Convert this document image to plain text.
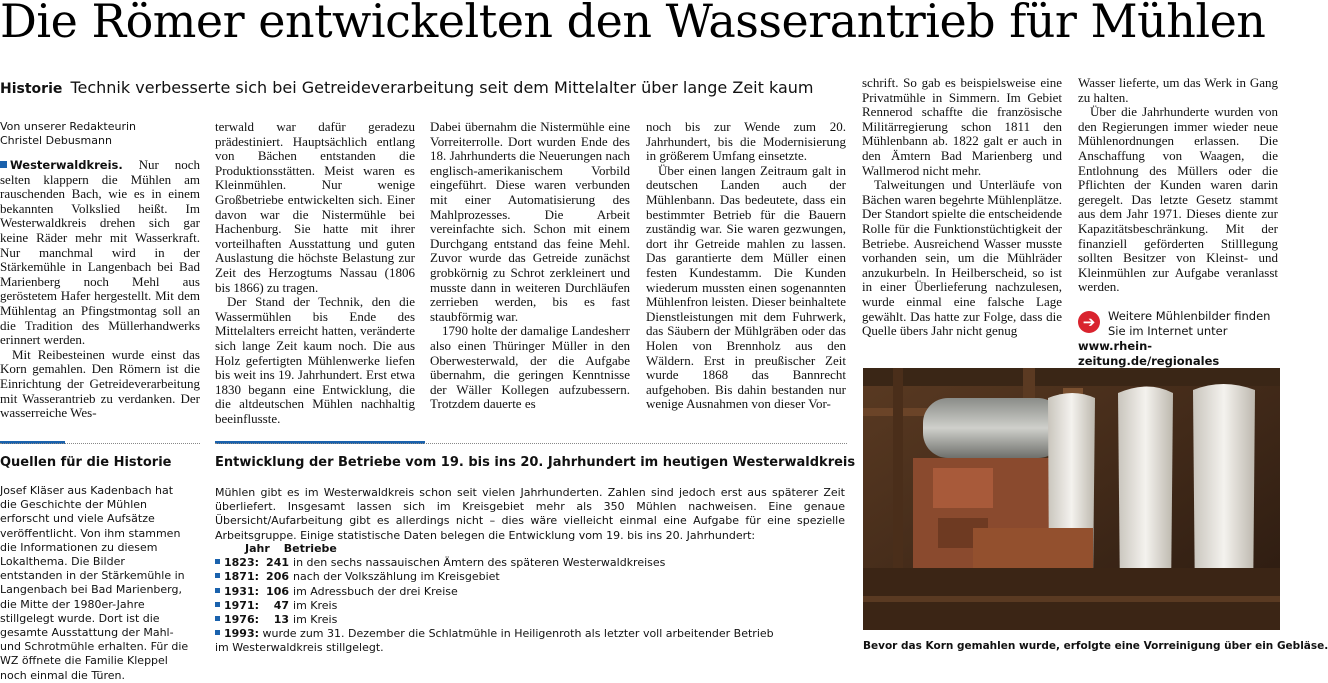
Die Römer entwickelten den Wasserantrieb für Mühlen
Historie Technik verbesserte sich bei Getreideverarbeitung seit dem Mittelalter über lange Zeit kaum
Von unserer Redakteurin
Christel Debusmann

Westerwaldkreis. Nur noch selten klappern die Mühlen am rauschenden Bach, wie es in einem bekannten Volkslied heißt. Im Westerwaldkreis drehen sich gar keine Räder mehr mit Wasserkraft. Nur manchmal wird in der Stärkemühle in Langenbach bei Bad Marienberg noch Mehl aus geröstetem Hafer hergestellt. Mit dem Mühlentag an Pfingstmontag soll an die Tradition des Müllerhandwerks erinnert werden.

Mit Reibesteinen wurde einst das Korn gemahlen. Den Römern ist die Einrichtung der Getreideverarbeitung mit Wasserantrieb zu verdanken. Der wasserreiche Wes-

terwald war dafür geradezu prädestiniert. Hauptsächlich entlang von Bächen entstanden die Produktionsstätten. Meist waren es Kleinmühlen. Nur wenige Großbetriebe entwickelten sich. Einer davon war die Nistermühle bei Hachenburg. Sie hatte mit ihrer vorteilhaften Ausstattung und guten Auslastung die höchste Belastung zur Zeit des Herzogtums Nassau (1806 bis 1866) zu tragen.

Der Stand der Technik, den die Wassermühlen bis Ende des Mittelalters erreicht hatten, veränderte sich lange Zeit kaum noch. Die aus Holz gefertigten Mühlenwerke liefen bis weit ins 19. Jahrhundert. Erst etwa 1830 begann eine Entwicklung, die die altdeutschen Mühlen nachhaltig beeinflusste.

Dabei übernahm die Nistermühle eine Vorreiterrolle. Dort wurden Ende des 18. Jahrhunderts die Neuerungen nach englisch-amerikanischem Vorbild eingeführt. Diese waren verbunden mit einer Automatisierung des Mahlprozesses. Die Arbeit vereinfachte sich. Schon mit einem Durchgang entstand das feine Mehl. Zuvor wurde das Getreide zunächst grobkörnig zu Schrot zerkleinert und musste dann in weiteren Durchläufen zerrieben werden, bis es fast staubförmig war.

1790 holte der damalige Landesherr also einen Thüringer Müller in den Oberwesterwald, der die Aufgabe übernahm, die geringen Kenntnisse der Wäller Kollegen aufzubessern. Trotzdem dauerte es

noch bis zur Wende zum 20. Jahrhundert, bis die Modernisierung in größerem Umfang einsetzte.

Über einen langen Zeitraum galt in deutschen Landen auch der Mühlenbann. Das bedeutete, dass ein bestimmter Betrieb für die Bauern zuständig war. Sie waren gezwungen, dort ihr Getreide mahlen zu lassen. Das garantierte dem Müller einen festen Kundestamm. Die Kunden wiederum mussten einen sogenannten Mühlenfron leisten. Dieser beinhaltete Dienstleistungen mit dem Fuhrwerk, das Säubern der Mühlgräben oder das Holen von Brennholz aus den Wäldern. Erst in preußischer Zeit wurde 1868 das Bannrecht aufgehoben. Bis dahin bestanden nur wenige Ausnahmen von dieser Vor-

schrift. So gab es beispielsweise eine Privatmühle in Simmern. Im Gebiet Rennerod schaffte die französische Militärregierung schon 1811 den Mühlenbann ab. 1822 galt er auch in den Ämtern Bad Marienberg und Wallmerod nicht mehr.

Talweitungen und Unterläufe von Bächen waren begehrte Mühlenplätze. Der Standort spielte die entscheidende Rolle für die Funktionstüchtigkeit der Betriebe. Ausreichend Wasser musste vorhanden sein, um die Mühlräder anzukurbeln. In Heilberscheid, so ist in einer Überlieferung nachzulesen, wurde einmal eine falsche Lage gewählt. Das hatte zur Folge, dass die Quelle übers Jahr nicht genug

Wasser lieferte, um das Werk in Gang zu halten.

Über die Jahrhunderte wurden von den Regierungen immer wieder neue Mühlenordnungen erlassen. Die Anschaffung von Waagen, die Entlohnung des Müllers oder die Pflichten der Kunden waren darin geregelt. Das letzte Gesetz stammt aus dem Jahr 1971. Dieses diente zur Kapazitätsbeschränkung. Mit der finanziell geförderten Stilllegung sollten Besitzer von Kleinst- und Kleinmühlen zur Aufgabe veranlasst werden.

➔	Weitere Mühlenbilder finden
Sie im Internet unter
www.rhein-zeitung.de/regionales
Quellen für die Historie
Josef Kläser aus Kadenbach hat die Geschichte der Mühlen erforscht und viele Aufsätze veröffentlicht. Von ihm stammen die Informationen zu diesem Lokalthema. Die Bilder entstanden in der Stärkemühle in Langenbach bei Bad Marienberg, die Mitte der 1980er-Jahre stillgelegt wurde. Dort ist die gesamte Ausstattung der Mahl- und Schrotmühle erhalten. Für die WZ öffnete die Familie Kleppel noch einmal die Türen.
Entwicklung der Betriebe vom 19. bis ins 20. Jahrhundert im heutigen Westerwaldkreis
Mühlen gibt es im Westerwaldkreis schon seit vielen Jahrhunderten. Zahlen sind jedoch erst aus späterer Zeit überliefert. Insgesamt lassen sich im Kreisgebiet mehr als 350 Mühlen nachweisen. Eine genaue Übersicht/Aufarbeitung gibt es allerdings nicht – dies wäre vielleicht einmal eine Aufgabe für eine spezielle Arbeitsgruppe. Einige statistische Daten belegen die Entwicklung vom 19. bis ins 20. Jahrhundert:
Jahr Betriebe
1823: 241 in den sechs nassauischen Ämtern des späteren Westerwaldkreises
1871: 206 nach der Volkszählung im Kreisgebiet
1931: 106 im Adressbuch der drei Kreise
1971: 47 im Kreis
1976: 13 im Kreis
1993: wurde zum 31. Dezember die Schlatmühle in Heiligenroth als letzter voll arbeitender Betrieb
im Westerwaldkreis stillgelegt.	Bevor das Korn gemahlen wurde, erfolgte eine Vorreinigung über ein Gebläse.
